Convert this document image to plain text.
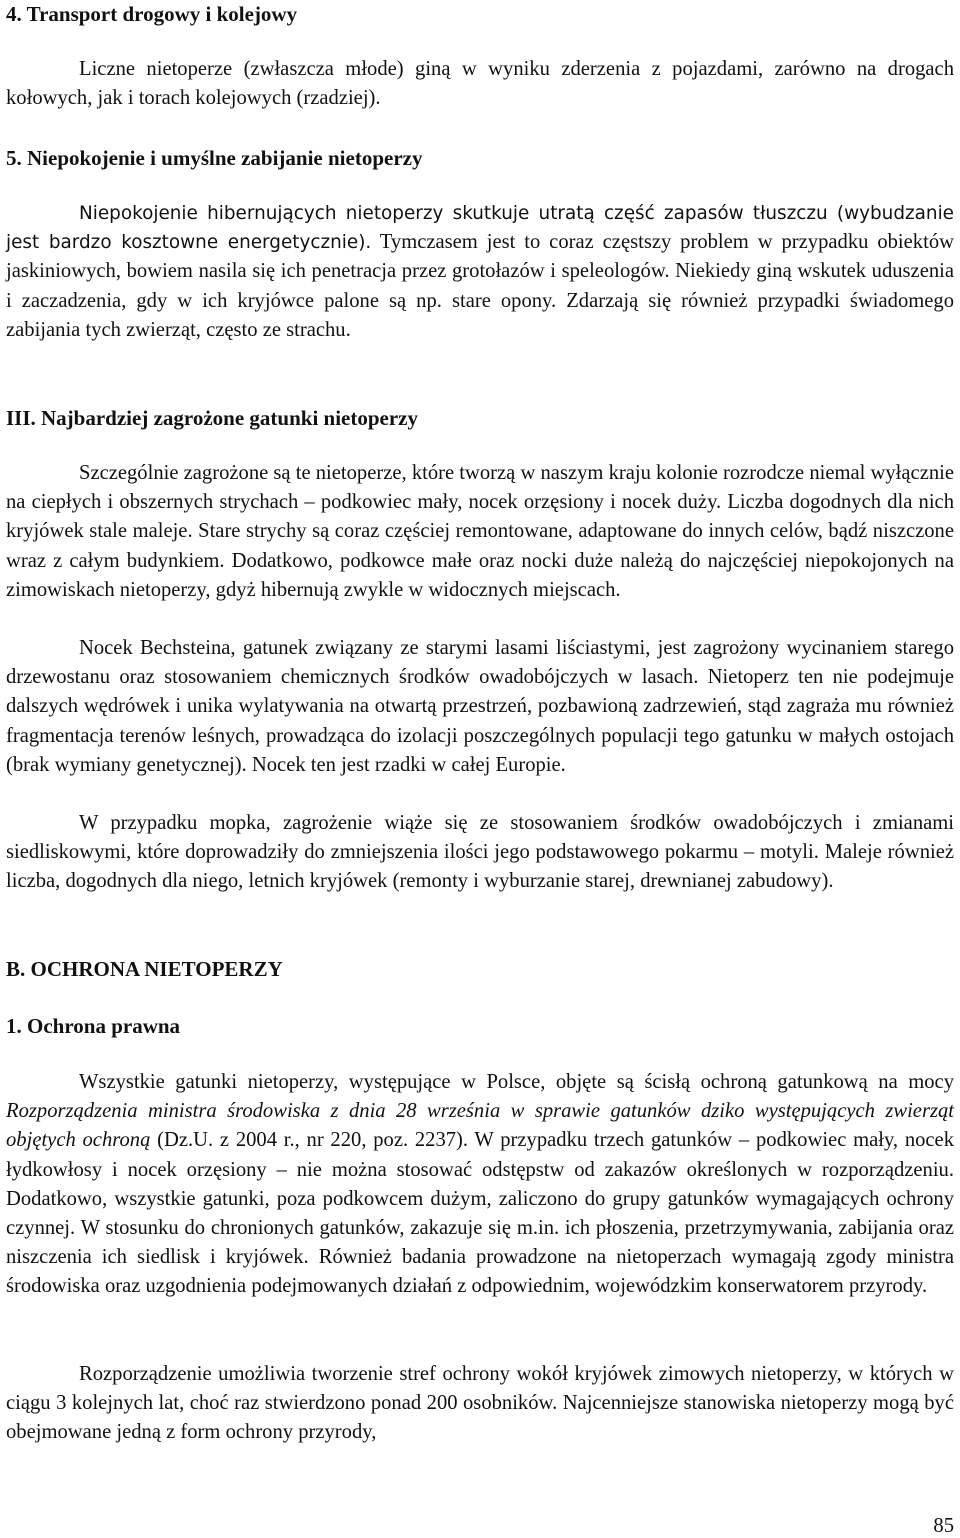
4. Transport drogowy i kolejowy

Liczne nietoperze (zwłaszcza młode) giną w wyniku zderzenia z pojazdami, zarówno na drogach kołowych, jak i torach kolejowych (rzadziej).

5. Niepokojenie i umyślne zabijanie nietoperzy

Niepokojenie hibernujących nietoperzy skutkuje utratą część zapasów tłuszczu (wybudzanie jest bardzo kosztowne energetycznie). Tymczasem jest to coraz częstszy problem w przypadku obiektów jaskiniowych, bowiem nasila się ich penetracja przez grotołazów i speleologów. Niekiedy giną wskutek uduszenia i zaczadzenia, gdy w ich kryjówce palone są np. stare opony. Zdarzają się również przypadki świadomego zabijania tych zwierząt, często ze strachu.

III. Najbardziej zagrożone gatunki nietoperzy

Szczególnie zagrożone są te nietoperze, które tworzą w naszym kraju kolonie rozrodcze niemal wyłącznie na ciepłych i obszernych strychach – podkowiec mały, nocek orzęsiony i nocek duży. Liczba dogodnych dla nich kryjówek stale maleje. Stare strychy są coraz częściej remontowane, adaptowane do innych celów, bądź niszczone wraz z całym budynkiem. Dodatkowo, podkowce małe oraz nocki duże należą do najczęściej niepokojonych na zimowiskach nietoperzy, gdyż hibernują zwykle w widocznych miejscach.

Nocek Bechsteina, gatunek związany ze starymi lasami liściastymi, jest zagrożony wycinaniem starego drzewostanu oraz stosowaniem chemicznych środków owadobójczych w lasach. Nietoperz ten nie podejmuje dalszych wędrówek i unika wylatywania na otwartą przestrzeń, pozbawioną zadrzewień, stąd zagraża mu również fragmentacja terenów leśnych, prowadząca do izolacji poszczególnych populacji tego gatunku w małych ostojach (brak wymiany genetycznej). Nocek ten jest rzadki w całej Europie.

W przypadku mopka, zagrożenie wiąże się ze stosowaniem środków owadobójczych i zmianami siedliskowymi, które doprowadziły do zmniejszenia ilości jego podstawowego pokarmu – motyli. Maleje również liczba, dogodnych dla niego, letnich kryjówek (remonty i wyburzanie starej, drewnianej zabudowy).

B. OCHRONA NIETOPERZY
1. Ochrona prawna

Wszystkie gatunki nietoperzy, występujące w Polsce, objęte są ścisłą ochroną gatunkową na mocy Rozporządzenia ministra środowiska z dnia 28 września w sprawie gatunków dziko występujących zwierząt objętych ochroną (Dz.U. z 2004 r., nr 220, poz. 2237). W przypadku trzech gatunków – podkowiec mały, nocek łydkowłosy i nocek orzęsiony – nie można stosować odstępstw od zakazów określonych w rozporządzeniu. Dodatkowo, wszystkie gatunki, poza podkowcem dużym, zaliczono do grupy gatunków wymagających ochrony czynnej. W stosunku do chronionych gatunków, zakazuje się m.in. ich płoszenia, przetrzymywania, zabijania oraz niszczenia ich siedlisk i kryjówek. Również badania prowadzone na nietoperzach wymagają zgody ministra środowiska oraz uzgodnienia podejmowanych działań z odpowiednim, wojewódzkim konserwatorem przyrody.

Rozporządzenie umożliwia tworzenie stref ochrony wokół kryjówek zimowych nietoperzy, w których w ciągu 3 kolejnych lat, choć raz stwierdzono ponad 200 osobników. Najcenniejsze stanowiska nietoperzy mogą być obejmowane jedną z form ochrony przyrody,

85
